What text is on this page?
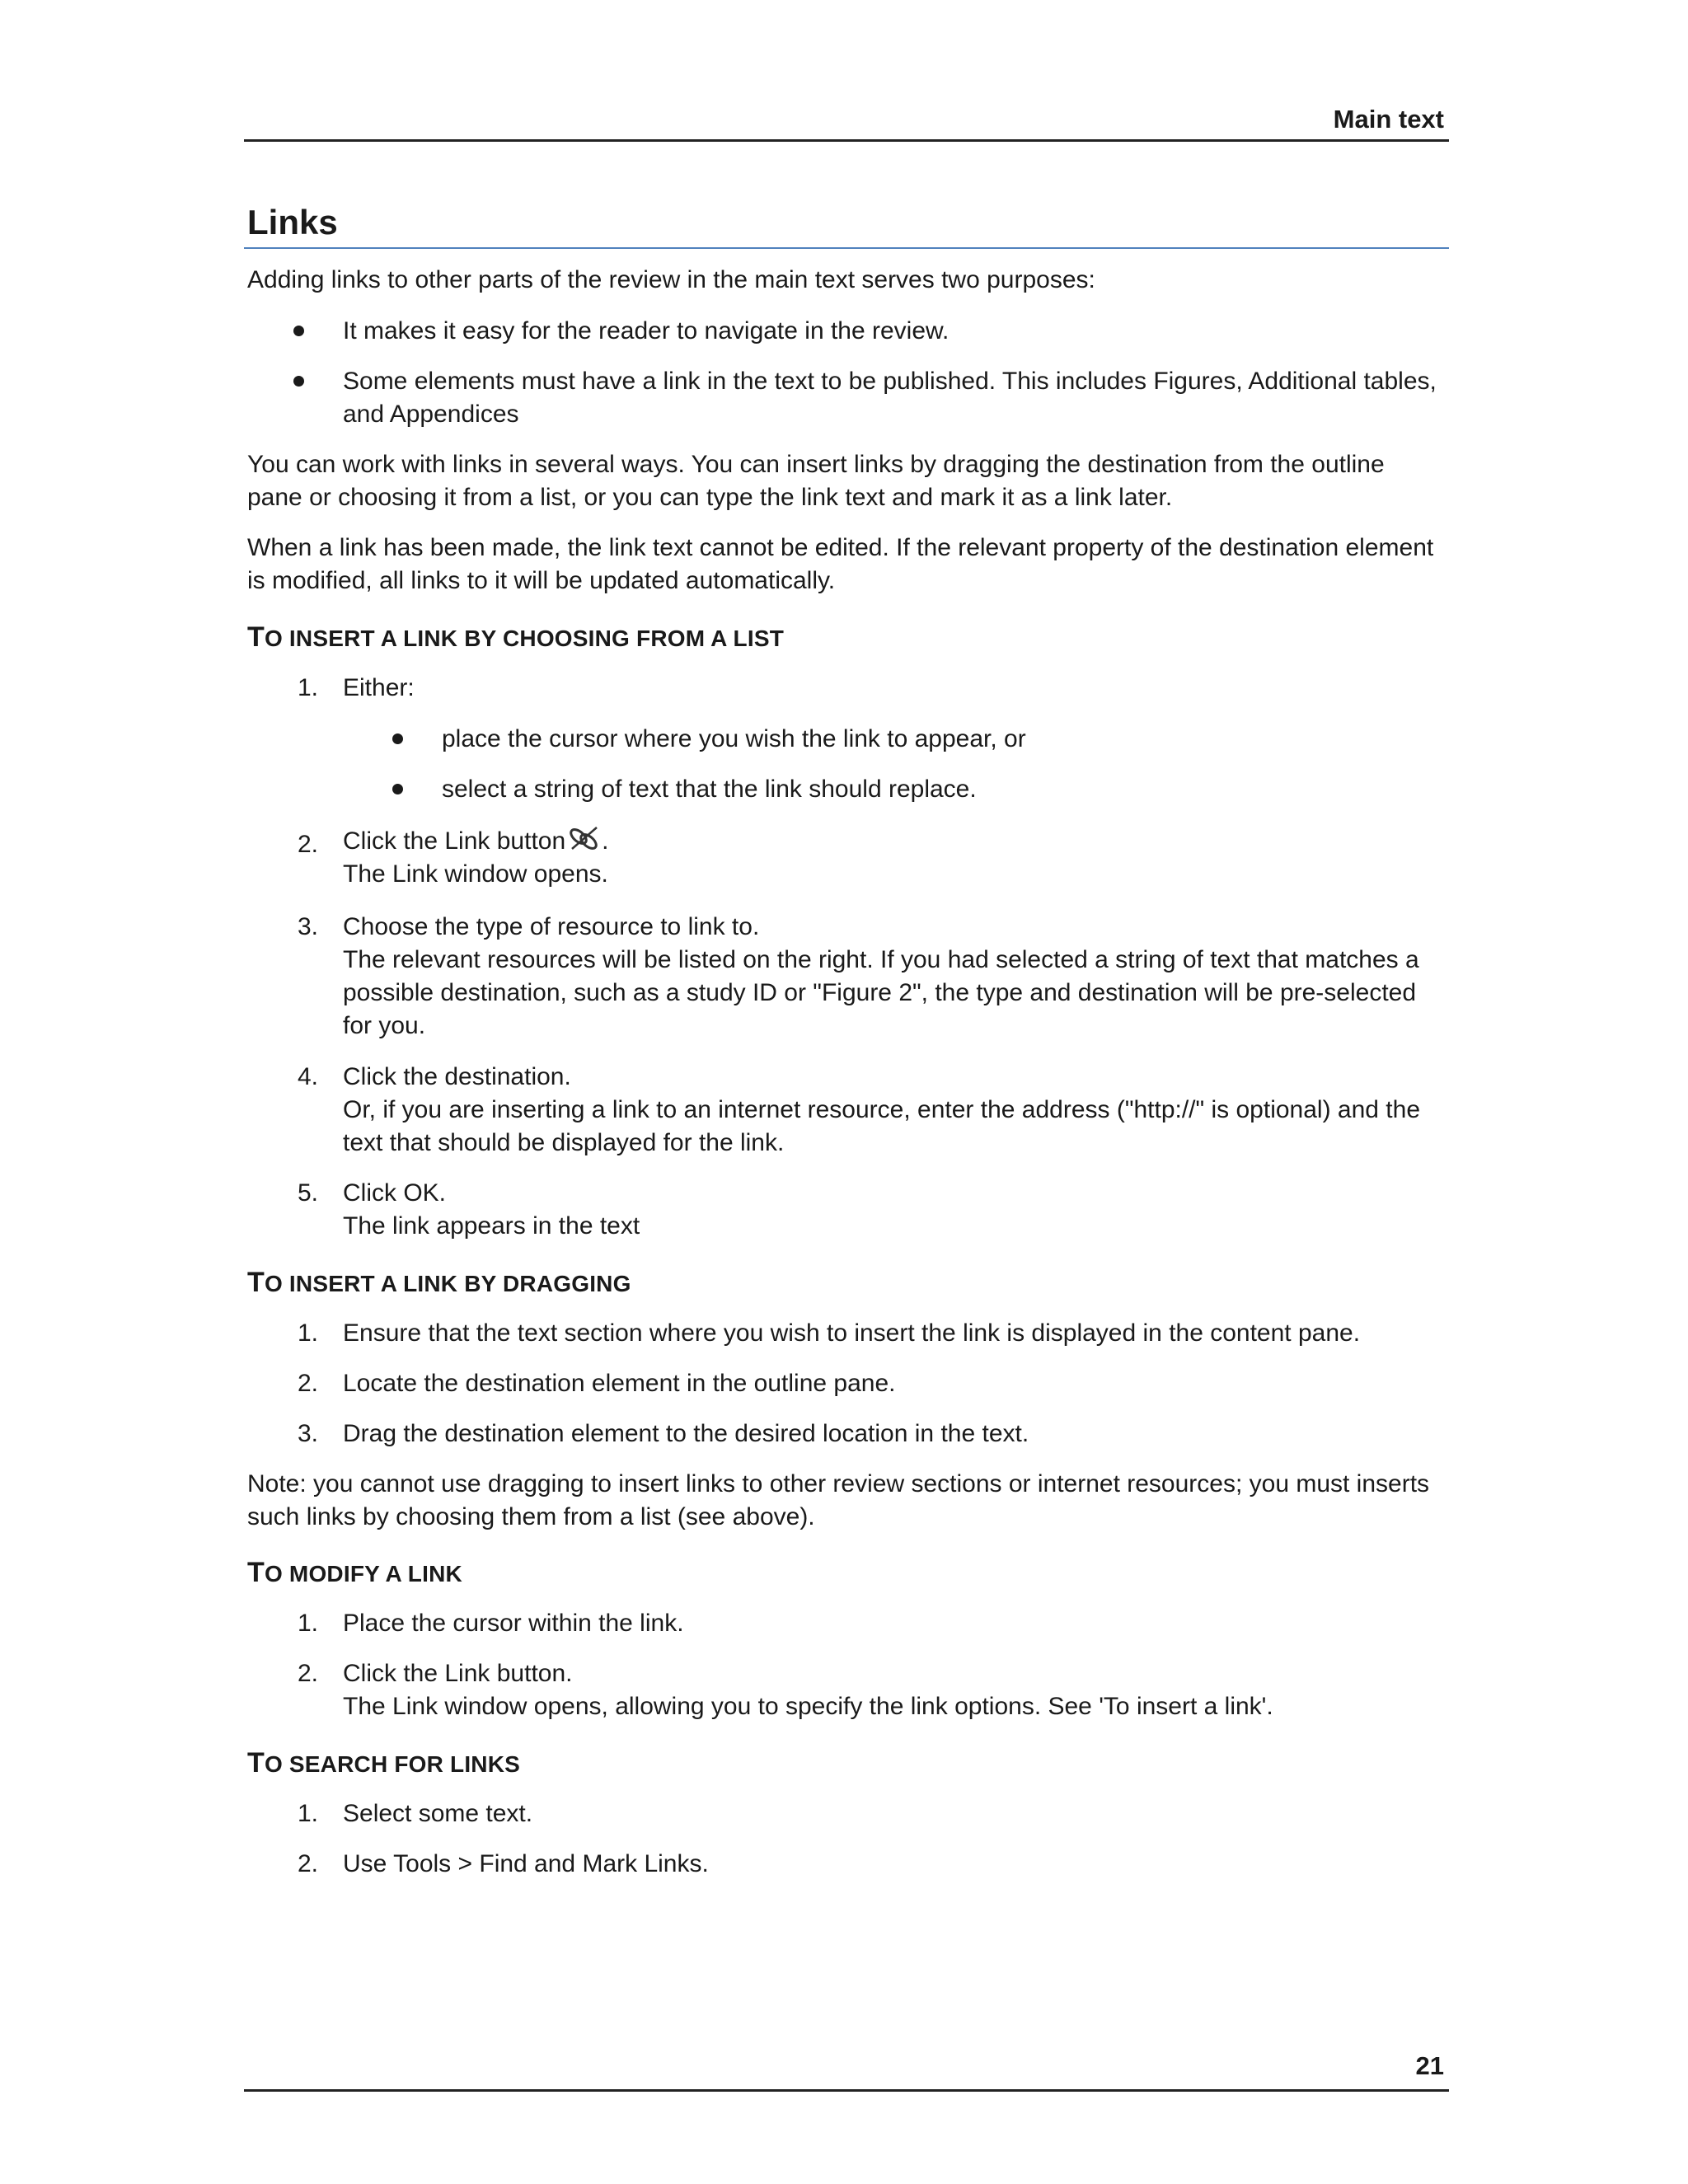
Main text
Links
Adding links to other parts of the review in the main text serves two purposes:
It makes it easy for the reader to navigate in the review.
Some elements must have a link in the text to be published. This includes Figures, Additional tables, and Appendices
You can work with links in several ways. You can insert links by dragging the destination from the outline pane or choosing it from a list, or you can type the link text and mark it as a link later.
When a link has been made, the link text cannot be edited. If the relevant property of the destination element is modified, all links to it will be updated automatically.
TO INSERT A LINK BY CHOOSING FROM A LIST
1. Either:
place the cursor where you wish the link to appear, or
select a string of text that the link should replace.
2. Click the Link button .
The Link window opens.
3. Choose the type of resource to link to.
The relevant resources will be listed on the right. If you had selected a string of text that matches a possible destination, such as a study ID or "Figure 2", the type and destination will be pre-selected for you.
4. Click the destination.
Or, if you are inserting a link to an internet resource, enter the address ("http://" is optional) and the text that should be displayed for the link.
5. Click OK.
The link appears in the text
TO INSERT A LINK BY DRAGGING
1. Ensure that the text section where you wish to insert the link is displayed in the content pane.
2. Locate the destination element in the outline pane.
3. Drag the destination element to the desired location in the text.
Note: you cannot use dragging to insert links to other review sections or internet resources; you must inserts such links by choosing them from a list (see above).
TO MODIFY A LINK
1. Place the cursor within the link.
2. Click the Link button.
The Link window opens, allowing you to specify the link options. See 'To insert a link'.
TO SEARCH FOR LINKS
1. Select some text.
2. Use Tools > Find and Mark Links.
21
